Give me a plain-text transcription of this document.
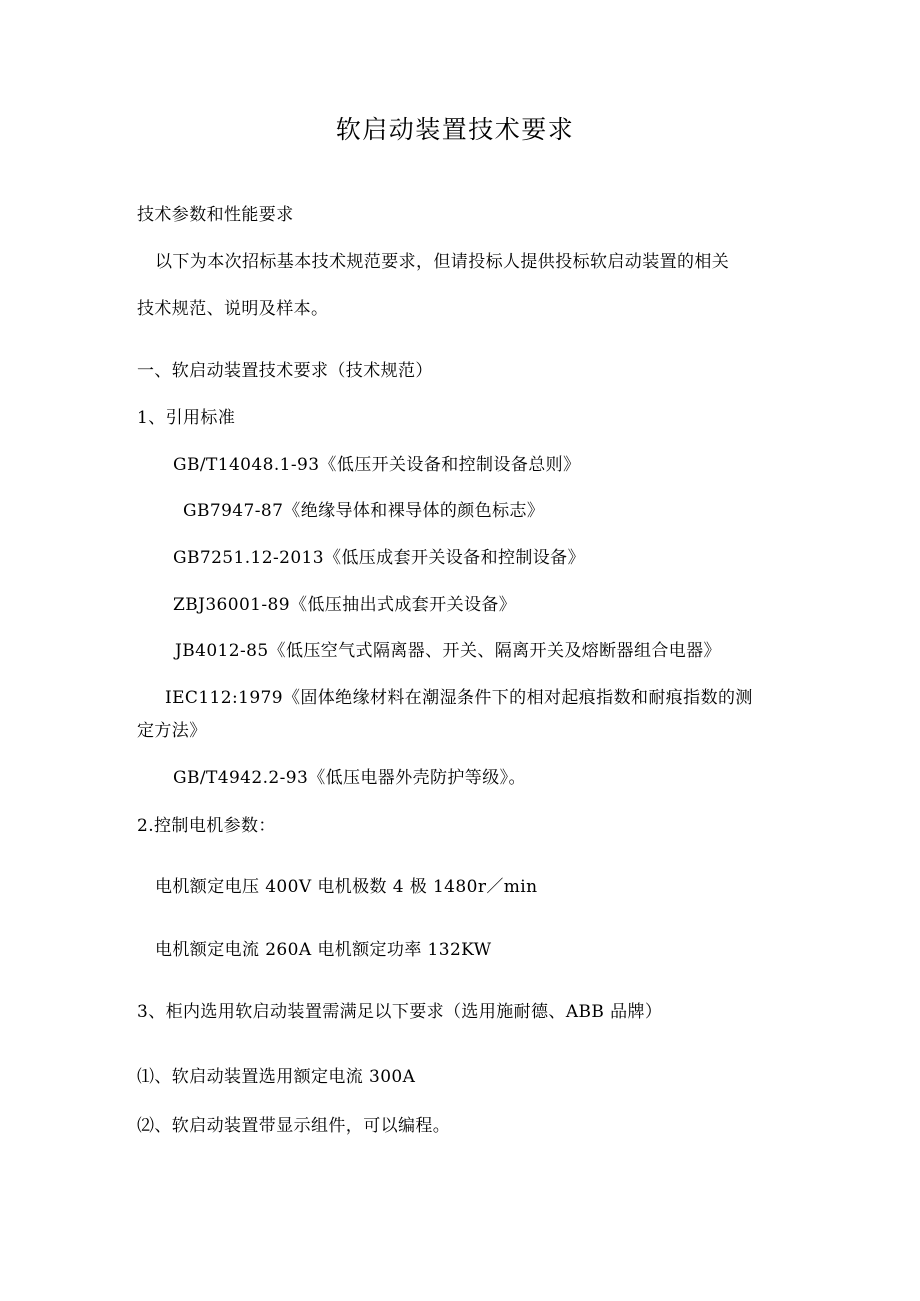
软启动装置技术要求
技术参数和性能要求
以下为本次招标基本技术规范要求，但请投标人提供投标软启动装置的相关
技术规范、说明及样本。
一、软启动装置技术要求（技术规范）
1、引用标准
GB/T14048.1-93《低压开关设备和控制设备总则》
GB7947-87《绝缘导体和裸导体的颜色标志》
GB7251.12-2013《低压成套开关设备和控制设备》
ZBJ36001-89《低压抽出式成套开关设备》
JB4012-85《低压空气式隔离器、开关、隔离开关及熔断器组合电器》
IEC112:1979《固体绝缘材料在潮湿条件下的相对起痕指数和耐痕指数的测
定方法》
GB/T4942.2-93《低压电器外壳防护等级》。
2.控制电机参数：
电机额定电压 400V 电机极数 4 极 1480r／min
电机额定电流 260A 电机额定功率 132KW
3、柜内选用软启动装置需满足以下要求（选用施耐德、ABB 品牌）
⑴、软启动装置选用额定电流 300A
⑵、软启动装置带显示组件，可以编程。
